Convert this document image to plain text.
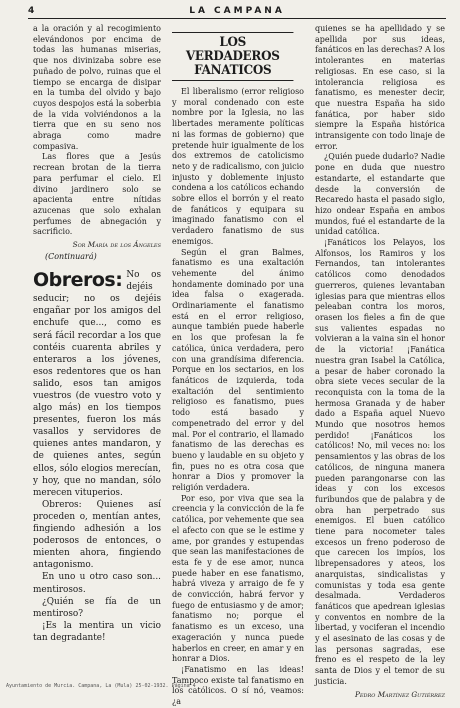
4	LA CAMPANA

a la oración y al recogimiento elevándonos por encima de todas las humanas miserias, que nos divinizaba sobre ese puñado de polvo, ruinas que el tiempo se encarga de disipar en la tumba del olvido y bajo cuyos despojos está la soberbia de la vida volviéndonos a la tierra que en su seno nos abraga como madre compasiva.

Las flores que a Jesús recrean brotan de la tierra para perfumar el cielo. El divino jardinero solo se apacienta entre nítidas azucenas que solo exhalan perfumes de abnegación y sacrificio.

Sor María de los Ángeles
(Continuará)

Obreros: No os dejéis seducir; no os dejéis engañar por los amigos del enchufe que..., como es será fácil recordar a los que contéis cuarenta abriles y enteraros a los jóvenes, esos redentores que os han salido, esos tan amigos vuestros (de vuestro voto y algo más) en los tiempos presentes, fueron los más vasallos y servidores de quienes antes mandaron, y de quienes antes, según ellos, sólo elogios merecían, y hoy, que no mandan, sólo merecen vituperios.

Obreros: Quienes así proceden o, mentían antes, fingiendo adhesión a los poderosos de entonces, o mienten ahora, fingiendo antagonismo.

En uno u otro caso son... mentirosos.

¿Quién se fía de un mentiroso?

¡Es la mentira un vicio tan degradante!

LOS VERDADEROS FANATICOS

El liberalismo (error religioso y moral condenado con este nombre por la Iglesia, no las libertades meramente políticas ni las formas de gobierno) que pretende huir igualmente de los dos extremos de catolicismo neto y de radicalismo, con juicio injusto y doblemente injusto condena a los católicos echando sobre ellos el borrón y el reato de fanáticos y equipara su imaginado fanatismo con el verdadero fanatismo de sus enemigos.

Según el gran Balmes, fanatismo es una exaltación vehemente del ánimo hondamente dominado por una idea falsa o exagerada. Ordinariamente el fanatismo está en el error religioso, aunque también puede haberle en los que profesan la fe católica, única verdadera, pero con una grandísima diferencia. Porque en los sectarios, en los fanáticos de izquierda, toda exaltación del sentimiento religioso es fanatismo, pues todo está basado y compenetrado del error y del mal. Por el contrario, el llamado fanatismo de las derechas es bueno y laudable en su objeto y fin, pues no es otra cosa que honrar a Dios y promover la religión verdadera.

Por eso, por viva que sea la creencia y la convicción de la fe católica, por vehemente que sea el afecto con que se le estime y ame, por grandes y estupendas que sean las manifestaciones de esta fe y de ese amor, nunca puede haber en ese fanatismo, habrá viveza y arraigo de fe y de convicción, habrá fervor y fuego de entusiasmo y de amor; fanatismo no; porque el fanatismo es un exceso, una exageración y nunca puede haberlos en creer, en amar y en honrar a Dios.

¡Fanatismo en las ideas! Tampoco existe tal fanatismo en los católicos. O sí nó, veamos: ¿a

quienes se ha apellidado y se apellida por sus ideas, fanáticos en las derechas? A los intolerantes en materias religiosas. En ese caso, si la intolerancia religiosa es fanatismo, es menester decir, que nuestra España ha sido fanática, por haber sido siempre la España histórica intransigente con todo linaje de error.

¿Quién puede dudarlo? Nadie pone en duda que nuestro estandarte, el estandarte que desde la conversión de Recaredo hasta el pasado siglo, hizo ondear España en ambos mundos, fué el estandarte de la unidad católica.

¡Fanáticos los Pelayos, los Alfonsos, los Ramiros y los Fernandos, tan intolerantes católicos como denodados guerreros, quienes levantaban iglesias para que mientras ellos peleaban contra los moros, orasen los fieles a fin de que sus valientes espadas no volvieran a la vaina sin el honor de la victoria! ¡Fanática nuestra gran Isabel la Católica, a pesar de haber coronado la obra siete veces secular de la reconquista con la toma de la hermosa Granada y de haber dado a España aquel Nuevo Mundo que nosotros hemos perdido! ¡Fanáticos los católicos! No, mil veces no: los pensamientos y las obras de los católicos, de ninguna manera pueden parangonarse con las ideas y con los excesos furibundos que de palabra y de obra han perpetrado sus enemigos. El buen católico tiene para nocometer tales excesos un freno poderoso de que carecen los impíos, los librepensadores y ateos, los anarquistas, sindicalistas y comunistas y toda esa gente desalmada. Verdaderos fanáticos que apedrean iglesias y conventos en nombre de la libertad, y vociferan el incendio y el asesinato de las cosas y de las personas sagradas, ese freno es el respeto de la ley santa de Dios y el temor de su justicia.

Pedro Martínez Gutiérrez
Ayuntamiento de Murcia. Campana, La (Mula) 25-02-1932. Página 4
